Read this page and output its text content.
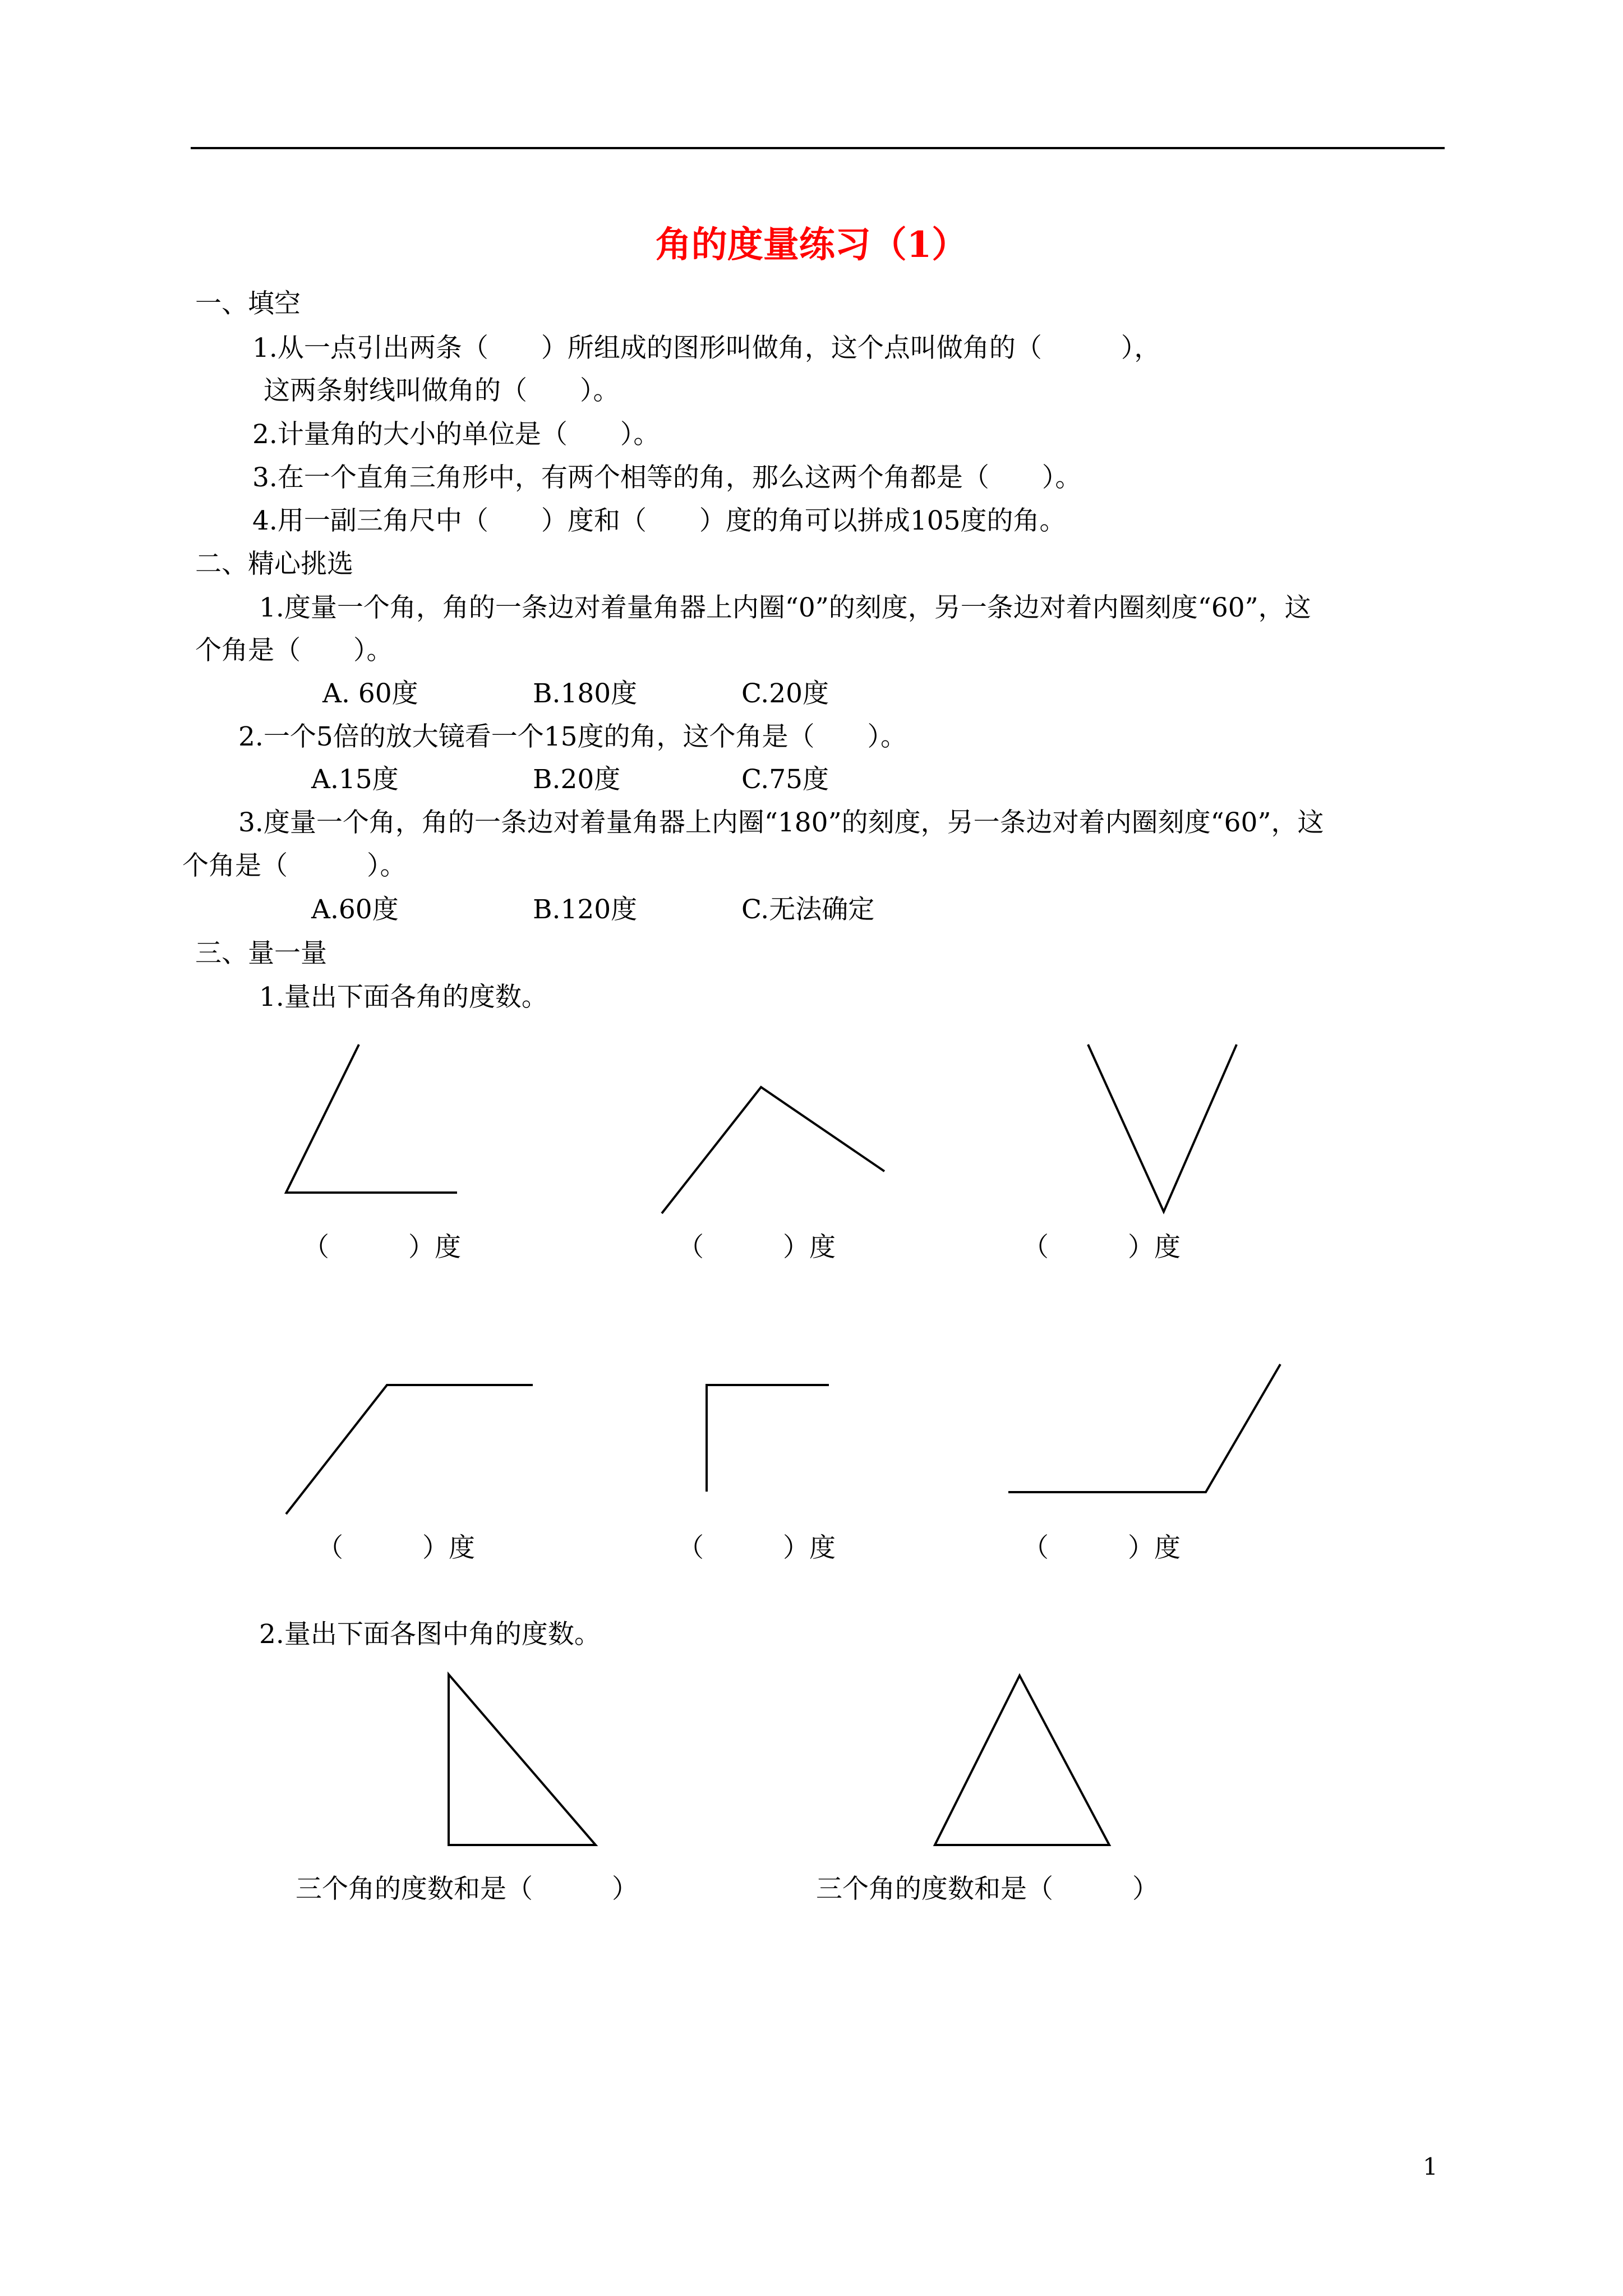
角的度量练习（1）
一、填空
1.从一点引出两条（　　）所组成的图形叫做角，这个点叫做角的（　　　），
这两条射线叫做角的（　　）。
2.计量角的大小的单位是（　　）。
3.在一个直角三角形中，有两个相等的角，那么这两个角都是（　　）。
4.用一副三角尺中（　　）度和（　　）度的角可以拼成105度的角。
二、精心挑选
1.度量一个角，角的一条边对着量角器上内圈“0”的刻度，另一条边对着内圈刻度“60”，这
个角是（　　）。
A. 60度	B.180度	C.20度
2.一个5倍的放大镜看一个15度的角，这个角是（　　）。
A.15度	B.20度	C.75度
3.度量一个角，角的一条边对着量角器上内圈“180”的刻度，另一条边对着内圈刻度“60”，这
个角是（　　　）。
A.60度	B.120度	C.无法确定
三、量一量
1.量出下面各角的度数。
（　　　）度	（　　　）度	（　　　）度
（　　　）度	（　　　）度	（　　　）度
2.量出下面各图中角的度数。
三个角的度数和是（　　　）	三个角的度数和是（　　　）
1
